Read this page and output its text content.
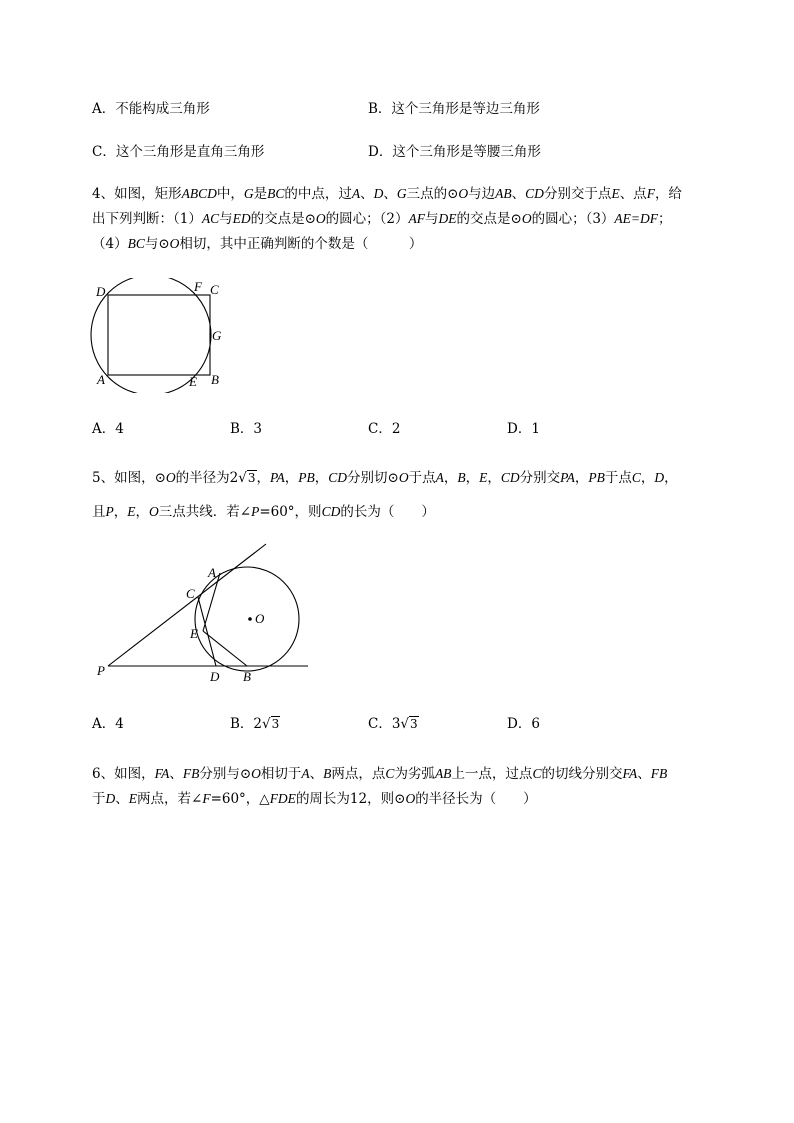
A．不能构成三角形	B．这个三角形是等边三角形
C．这个三角形是直角三角形	D．这个三角形是等腰三角形
4、如图，矩形ABCD中，G是BC的中点，过A、D、G三点的⊙O与边AB、CD分别交于点E、点F，给
出下列判断：（1）AC与ED的交点是⊙O的圆心；（2）AF与DE的交点是⊙O的圆心；（3）AE=DF；
（4）BC与⊙O相切，其中正确判断的个数是（　　　）
D	F C
G
A	E B
A．4	B．3	C．2	D．1
5、如图，⊙O的半径为2√3，PA，PB，CD分别切⊙O于点A，B，E，CD分别交PA，PB于点C，D，
且P，E，O三点共线．若∠P=60°，则CD的长为（　　）
A
C
O
E
P	D B
A．4	B．2√3	C．3√3	D．6
6、如图，FA、FB分别与⊙O相切于A、B两点，点C为劣弧AB上一点，过点C的切线分别交FA、FB
于D、E两点，若∠F=60°，△FDE的周长为12，则⊙O的半径长为（　　）
